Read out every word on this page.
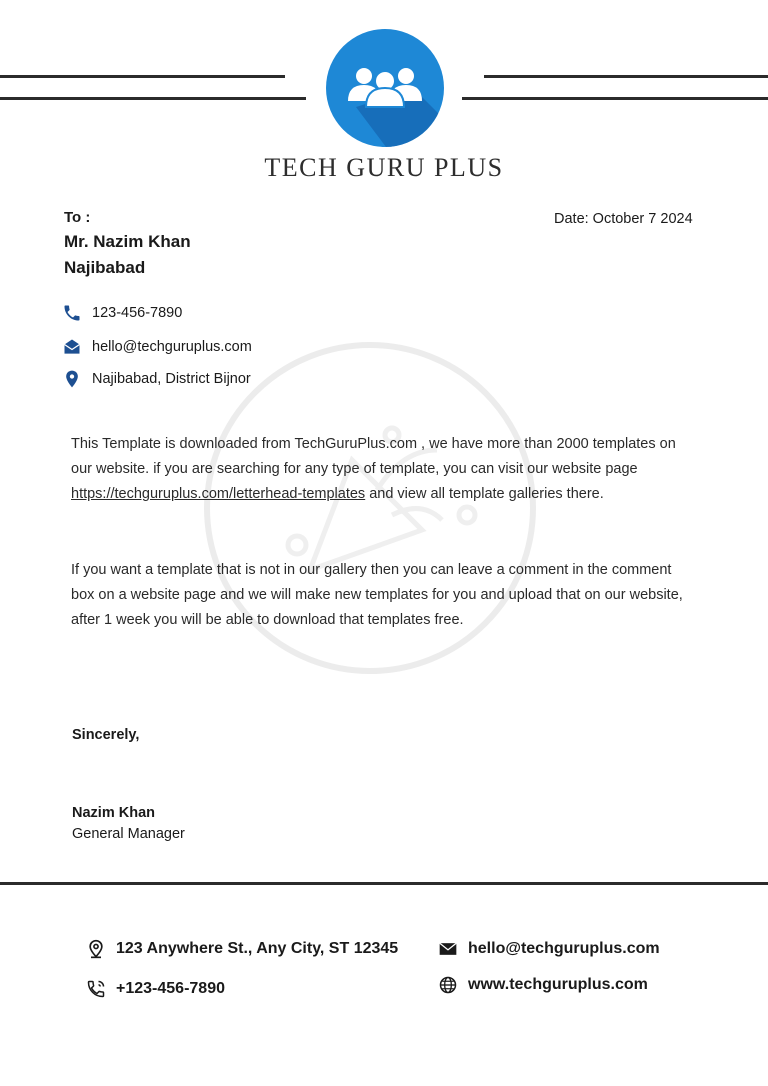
TECH GURU PLUS
To :
Mr. Nazim Khan
Najibabad
Date: October 7 2024
123-456-7890
hello@techguruplus.com
Najibabad, District Bijnor
This Template is downloaded from TechGuruPlus.com , we have more than 2000 templates on our website. if you are searching for any type of template, you can visit our website page https://techguruplus.com/letterhead-templates and view all template galleries there.
If you want a template that is not in our gallery then you can leave a comment in the comment box on a website page and we will make new templates for you and upload that on our website, after 1 week you will be able to download that templates free.
Sincerely,
Nazim Khan
General Manager
123 Anywhere St., Any City, ST 12345
+123-456-7890
hello@techguruplus.com
www.techguruplus.com
